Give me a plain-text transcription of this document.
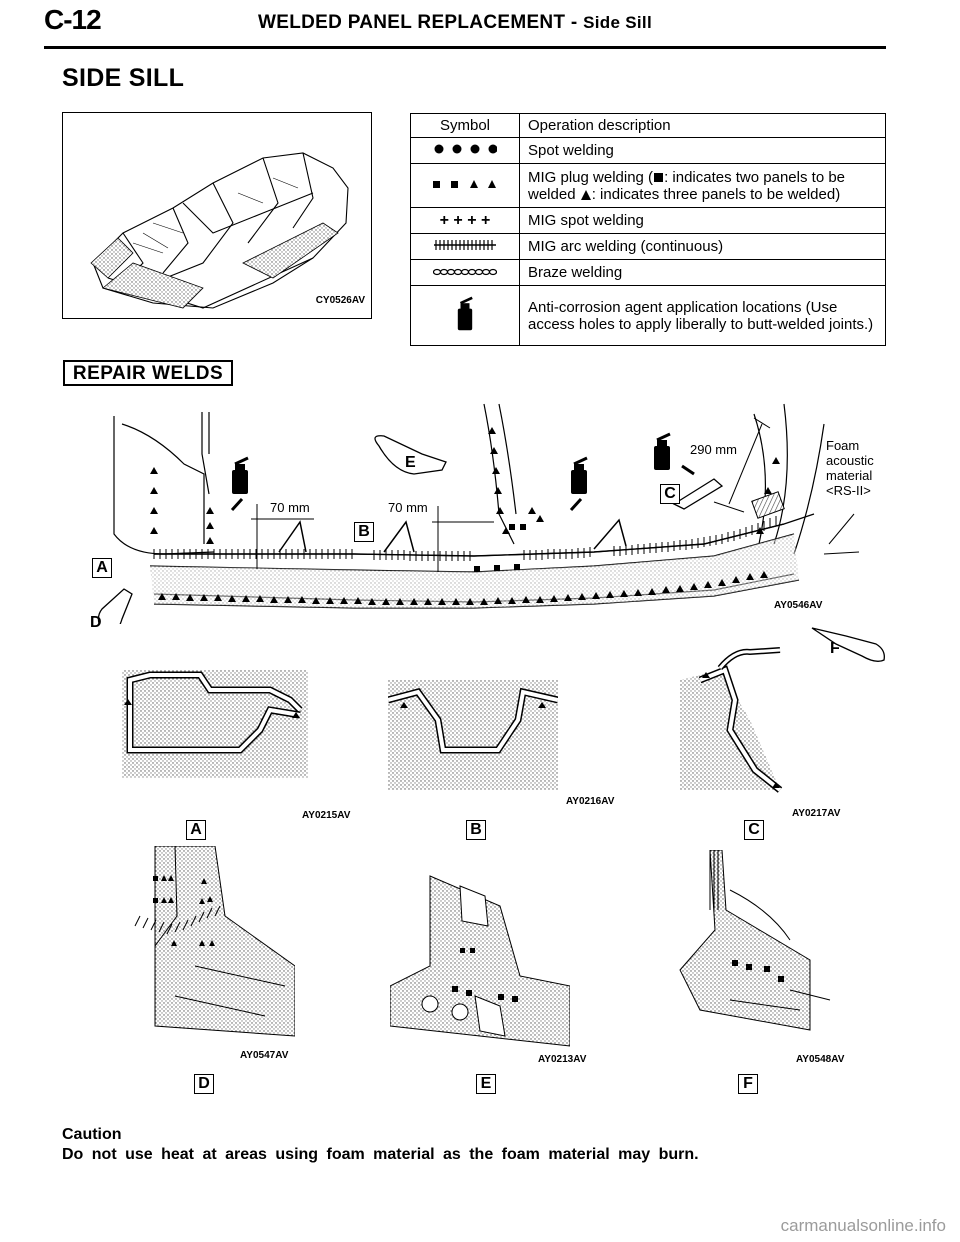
C-12	WELDED PANEL REPLACEMENT - Side Sill
SIDE SILL
CY0526AV
Symbol	Operation description
	Spot welding
	MIG plug welding ( : indicates two panels to be welded : indicates three panels to be welded)
+ + + +	MIG spot welding
	MIG arc welding (continuous)
	Braze welding
	Anti-corrosion agent application locations (Use access holes to apply liberally to butt-welded joints.)
REPAIR WELDS
70 mm	70 mm
290 mm	Foam
acoustic
material
<RS-II>
A
B
C
D
E
F
AY0546AV
AY0215AV
A
AY0216AV
B
AY0217AV
C
AY0547AV
D
AY0213AV
E
AY0548AV
F
Caution
Do not use heat at areas using foam material as the foam material may burn.
carmanualsonline.info
